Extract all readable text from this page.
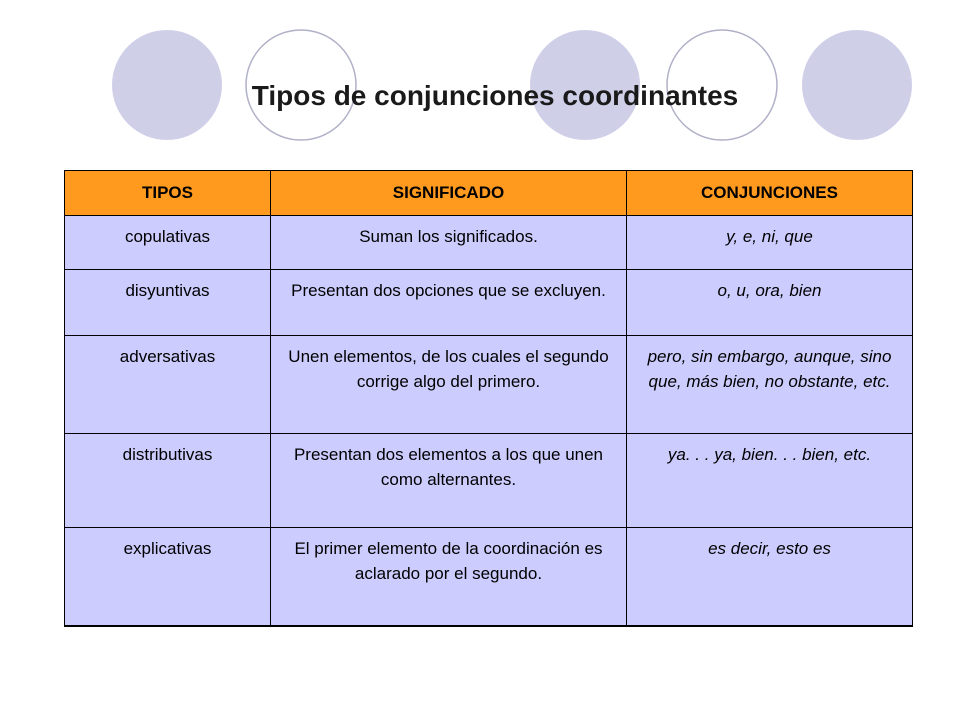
Tipos de conjunciones coordinantes
TIPOS	SIGNIFICADO	CONJUNCIONES
copulativas	Suman los significados.	y, e, ni, que
disyuntivas	Presentan dos opciones que se excluyen.	o, u, ora, bien
adversativas	Unen elementos, de los cuales el segundo corrige algo del primero.	pero, sin embargo, aunque, sino que, más bien, no obstante, etc.
distributivas	Presentan dos elementos a los que unen como alternantes.	ya. . . ya, bien. . . bien, etc.
explicativas	El primer elemento de la coordinación es aclarado por el segundo.	es decir, esto es
